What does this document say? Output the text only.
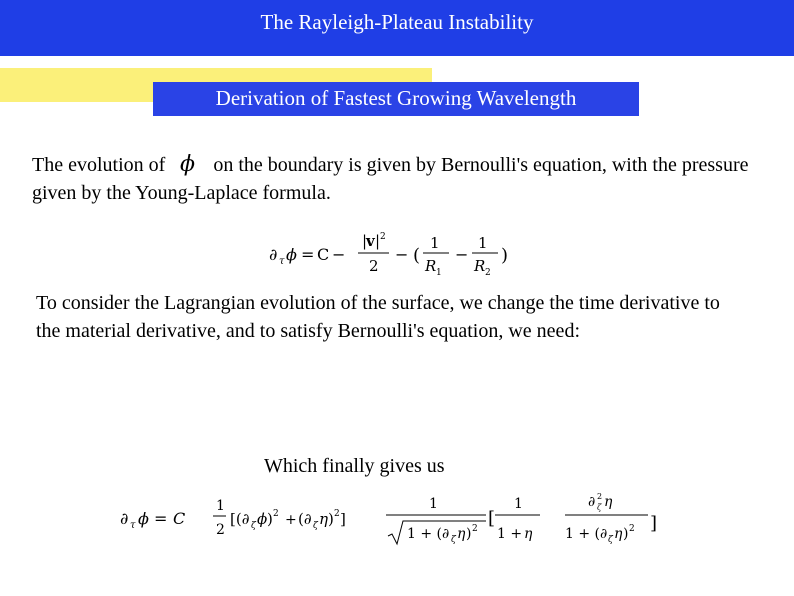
The Rayleigh-Plateau Instability
Derivation of Fastest Growing Wavelength
The evolution of ϕ on the boundary is given by Bernoulli's equation, with the pressure given by the Young-Laplace formula.
∂ τ ϕ = C −
|
v | 2
2
− (
1
R 1
−
1
R 2
)
To consider the Lagrangian evolution of the surface, we change the time derivative to the material derivative, and to satisfy Bernoulli's equation, we need:
Which finally gives us
∂ τ ϕ = C
1
2
[(∂ ζ ϕ ) 2 + (∂ ζ η ) 2 ]
1
1 + (∂ ζ η ) 2 [
1
1 + η
∂ 2
ζ η
1 + (∂ ζ η ) 2 ]
